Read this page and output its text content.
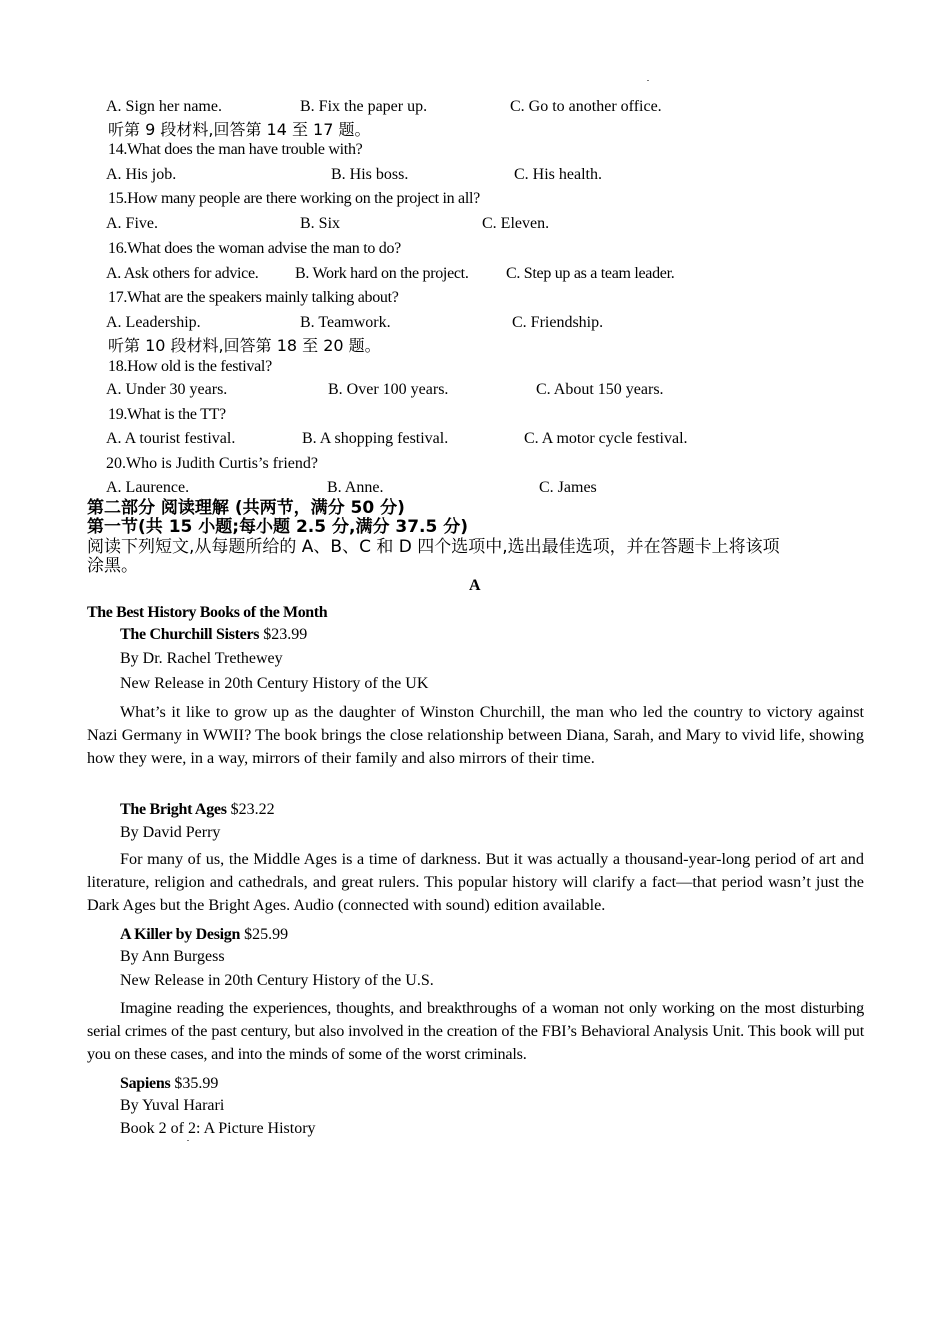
A. Sign her name.	B. Fix the paper up.	C. Go to another office.
听第 9 段材料,回答第 14 至 17 题。
14.What does the man have trouble with?
A. His job.	B. His boss.	C. His health.
15.How many people are there working on the project in all?
A. Five.	B. Six	C. Eleven.
16.What does the woman advise the man to do?
A. Ask others for advice. B. Work hard on the project. C. Step up as a team leader.
17.What are the speakers mainly talking about?
A. Leadership.	B. Teamwork.	C. Friendship.
听第 10 段材料,回答第 18 至 20 题。
18.How old is the festival?
A. Under 30 years.	B. Over 100 years.	C. About 150 years.
19.What is the TT?
A. A tourist festival.	B. A shopping festival.	C. A motor cycle festival.
20.Who is Judith Curtis’s friend?
A. Laurence.	B. Anne.	C. James
第二部分 阅读理解 (共两节，满分 50 分)
第一节(共 15 小题;每小题 2.5 分,满分 37.5 分)
阅读下列短文,从每题所给的 A、B、C 和 D 四个选项中,选出最佳选项，并在答题卡上将该项
涂黑。
A
The Best History Books of the Month
The Churchill Sisters $23.99
By Dr. Rachel Trethewey
New Release in 20th Century History of the UK
What’s it like to grow up as the daughter of Winston Churchill, the man who led the country to victory against Nazi Germany in WWII? The book brings the close relationship between Diana, Sarah, and Mary to vivid life, showing how they were, in a way, mirrors of their family and also mirrors of their time.
The Bright Ages $23.22
By David Perry
For many of us, the Middle Ages is a time of darkness. But it was actually a thousand-year-long period of art and literature, religion and cathedrals, and great rulers. This popular history will clarify a fact—that period wasn’t just the Dark Ages but the Bright Ages. Audio (connected with sound) edition available.
A Killer by Design $25.99
By Ann Burgess
New Release in 20th Century History of the U.S.
Imagine reading the experiences, thoughts, and breakthroughs of a woman not only working on the most disturbing serial crimes of the past century, but also involved in the creation of the FBI’s Behavioral Analysis Unit. This book will put you on these cases, and into the minds of some of the worst criminals.
Sapiens $35.99
By Yuval Harari
Book 2 of 2: A Picture History
